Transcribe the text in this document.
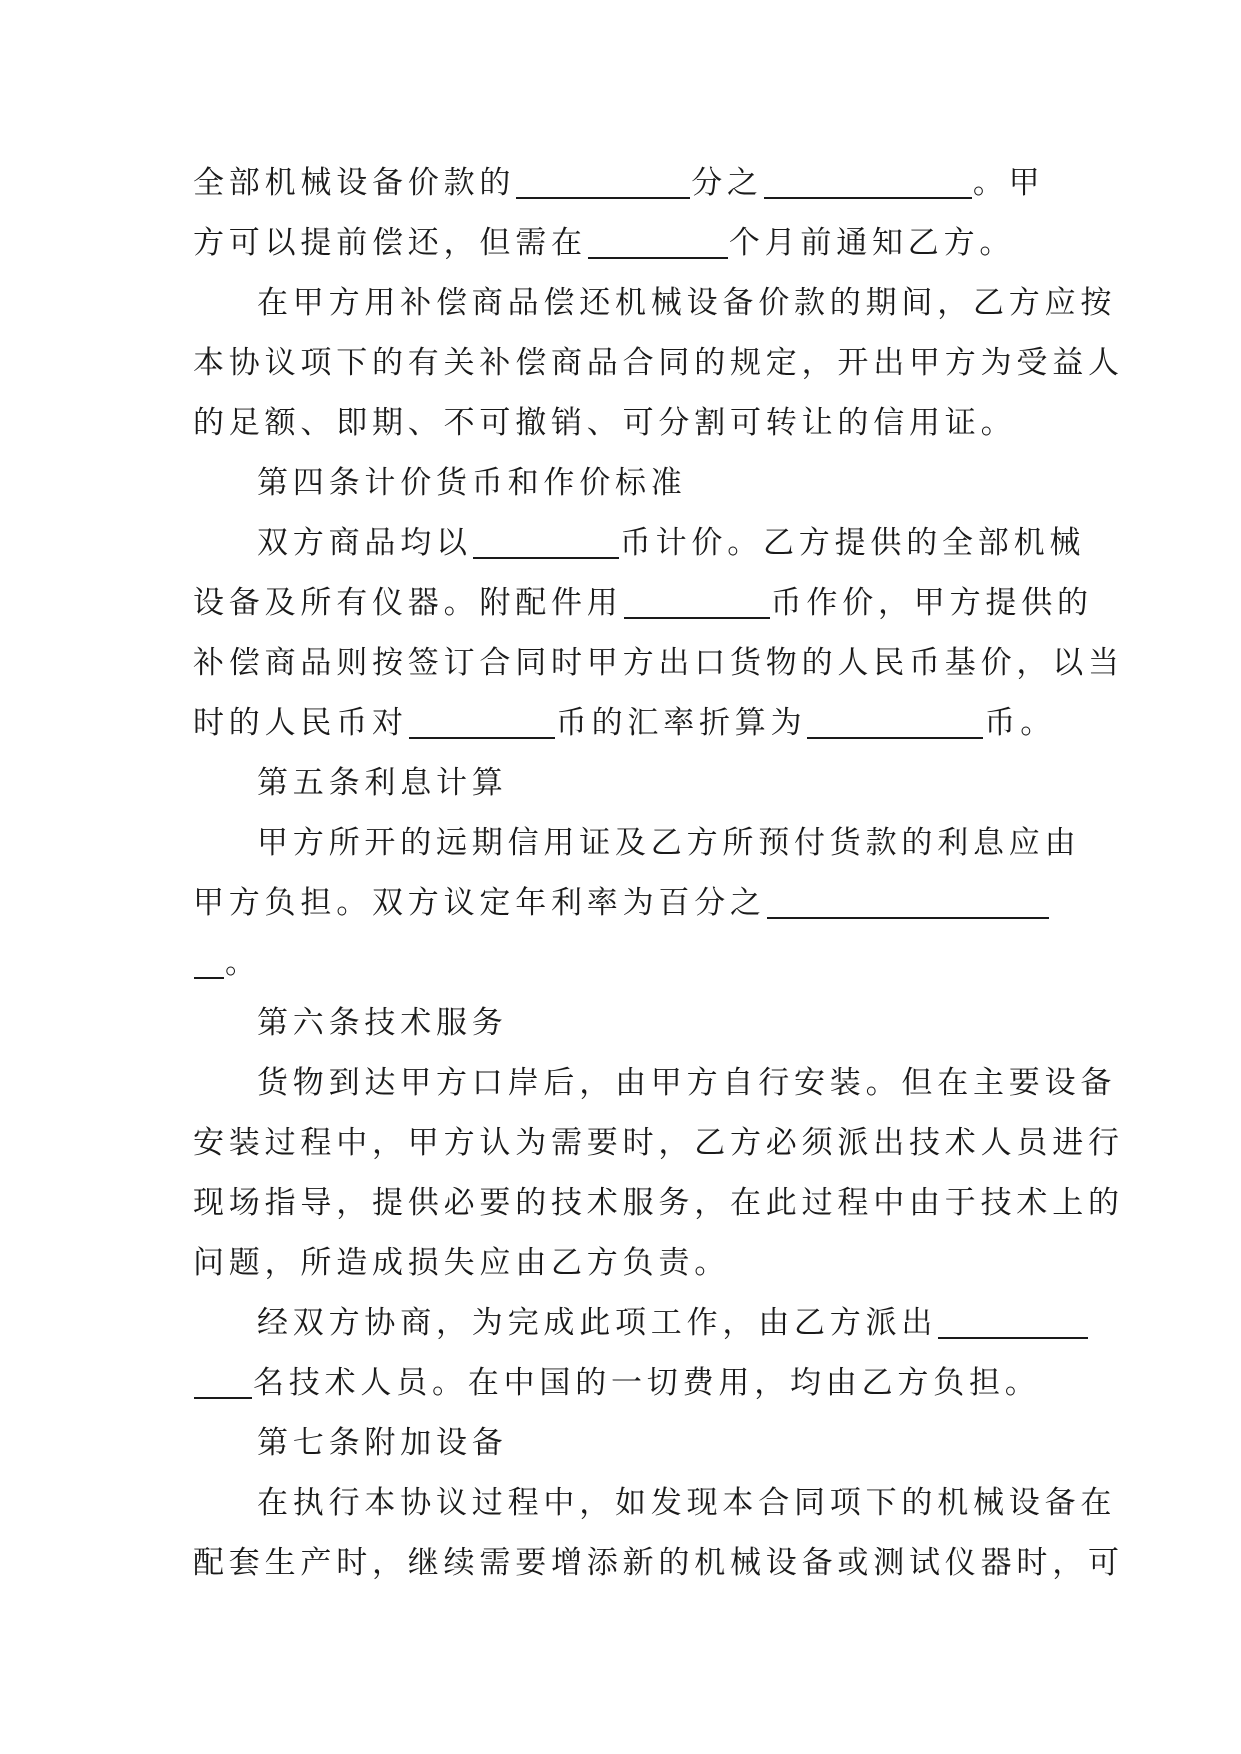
全部机械设备价款的	分之	。甲
方可以提前偿还，但需在	个月前通知乙方。
在甲方用补偿商品偿还机械设备价款的期间，乙方应按
本协议项下的有关补偿商品合同的规定，开出甲方为受益人
的足额、即期、不可撤销、可分割可转让的信用证。
第四条计价货币和作价标准
双方商品均以	币计价。乙方提供的全部机械
设备及所有仪器。附配件用	币作价，甲方提供的
补偿商品则按签订合同时甲方出口货物的人民币基价，以当
时的人民币对	币的汇率折算为	币。
第五条利息计算
甲方所开的远期信用证及乙方所预付货款的利息应由
甲方负担。双方议定年利率为百分之
。
第六条技术服务
货物到达甲方口岸后，由甲方自行安装。但在主要设备
安装过程中，甲方认为需要时，乙方必须派出技术人员进行
现场指导，提供必要的技术服务，在此过程中由于技术上的
问题，所造成损失应由乙方负责。
经双方协商，为完成此项工作，由乙方派出
名技术人员。在中国的一切费用，均由乙方负担。
第七条附加设备
在执行本协议过程中，如发现本合同项下的机械设备在
配套生产时，继续需要增添新的机械设备或测试仪器时，可
